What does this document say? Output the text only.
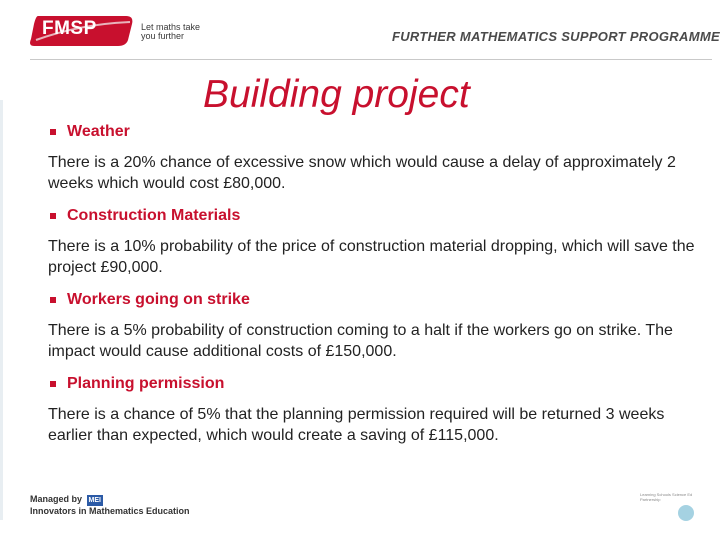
FMSP	Let maths take you further	FURTHER MATHEMATICS SUPPORT PROGRAMME
Building project
Weather
There is a 20% chance of excessive snow which would cause a delay of approximately 2 weeks which would cost £80,000.
Construction Materials
There is a 10% probability of the price of construction material dropping, which will save the project £90,000.
Workers going on strike
There is a 5% probability of construction coming to a halt if the workers go on strike. The impact would cause additional costs of £150,000.
Planning permission
There is a chance of 5% that the planning permission required will be returned 3 weeks earlier than expected, which would create a saving of £115,000.
Managed by MEI
Innovators in Mathematics Education
Learning Schools Science Ed Partnership
